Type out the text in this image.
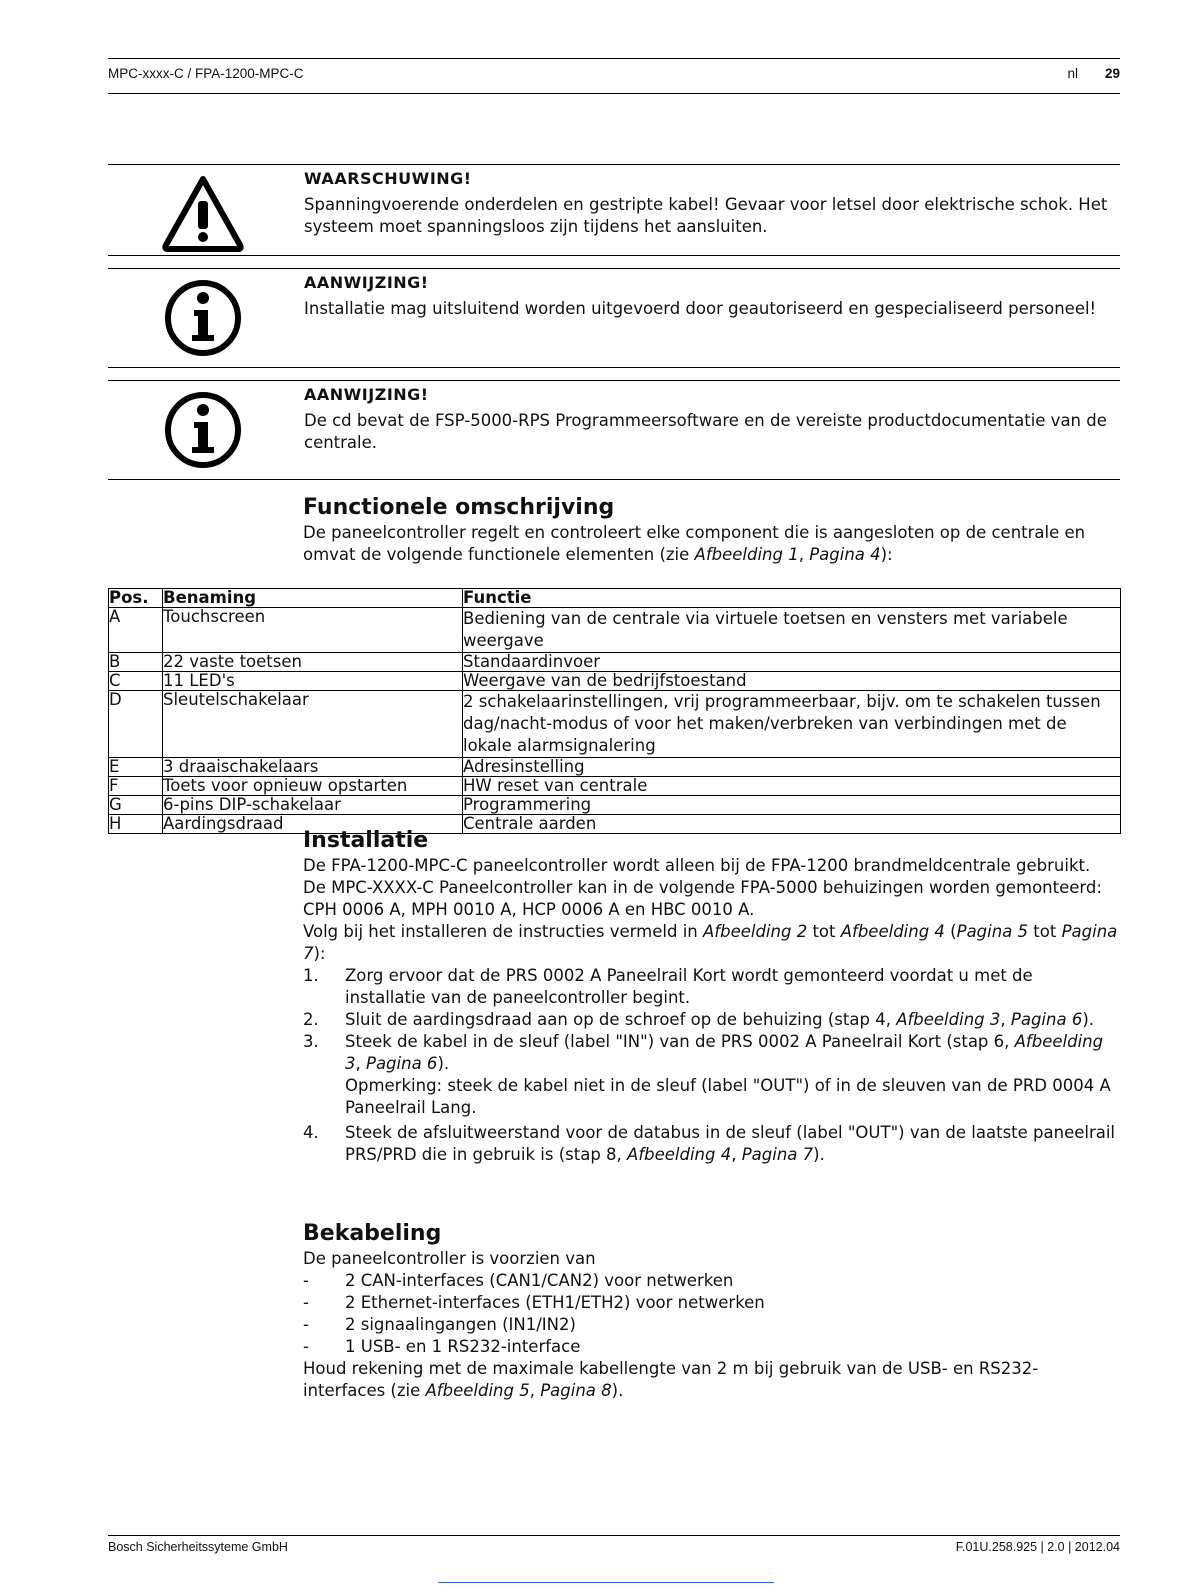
MPC-xxxx-C / FPA-1200-MPC-C	nl 29
WAARSCHUWING!
Spanningvoerende onderdelen en gestripte kabel! Gevaar voor letsel door elektrische schok. Het systeem moet spanningsloos zijn tijdens het aansluiten.
AANWIJZING!
Installatie mag uitsluitend worden uitgevoerd door geautoriseerd en gespecialiseerd personeel!
AANWIJZING!
De cd bevat de FSP-5000-RPS Programmeersoftware en de vereiste productdocumentatie van de centrale.
Functionele omschrijving

De paneelcontroller regelt en controleert elke component die is aangesloten op de centrale en omvat de volgende functionele elementen (zie Afbeelding 1, Pagina 4):

Pos.	Benaming	Functie
A	Touchscreen	Bediening van de centrale via virtuele toetsen en vensters met variabele weergave
B	22 vaste toetsen	Standaardinvoer
C	11 LED's	Weergave van de bedrijfstoestand
D	Sleutelschakelaar	2 schakelaarinstellingen, vrij programmeerbaar, bijv. om te schakelen tussen dag/nacht-modus of voor het maken/verbreken van verbindingen met de lokale alarmsignalering
E	3 draaischakelaars	Adresinstelling
F	Toets voor opnieuw opstarten	HW reset van centrale
G	6-pins DIP-schakelaar	Programmering
H	Aardingsdraad	Centrale aarden
Installatie

De FPA-1200-MPC-C paneelcontroller wordt alleen bij de FPA-1200 brandmeldcentrale gebruikt.

De MPC-XXXX-C Paneelcontroller kan in de volgende FPA-5000 behuizingen worden gemonteerd:

CPH 0006 A, MPH 0010 A, HCP 0006 A en HBC 0010 A.

Volg bij het installeren de instructies vermeld in Afbeelding 2 tot Afbeelding 4 (Pagina 5 tot Pagina 7):

1. Zorg ervoor dat de PRS 0002 A Paneelrail Kort wordt gemonteerd voordat u met de installatie van de paneelcontroller begint.
2. Sluit de aardingsdraad aan op de schroef op de behuizing (stap 4, Afbeelding 3, Pagina 6).
3. Steek de kabel in de sleuf (label "IN") van de PRS 0002 A Paneelrail Kort (stap 6, Afbeelding 3, Pagina 6).
Opmerking: steek de kabel niet in de sleuf (label "OUT") of in de sleuven van de PRD 0004 A Paneelrail Lang.
4. Steek de afsluitweerstand voor de databus in de sleuf (label "OUT") van de laatste paneelrail PRS/PRD die in gebruik is (stap 8, Afbeelding 4, Pagina 7).
Bekabeling

De paneelcontroller is voorzien van

- 2 CAN-interfaces (CAN1/CAN2) voor netwerken
- 2 Ethernet-interfaces (ETH1/ETH2) voor netwerken
- 2 signaalingangen (IN1/IN2)
- 1 USB- en 1 RS232-interface

Houd rekening met de maximale kabellengte van 2 m bij gebruik van de USB- en RS232-interfaces (zie Afbeelding 5, Pagina 8).

Bosch Sicherheitssyteme GmbH	F.01U.258.925 | 2.0 | 2012.04
